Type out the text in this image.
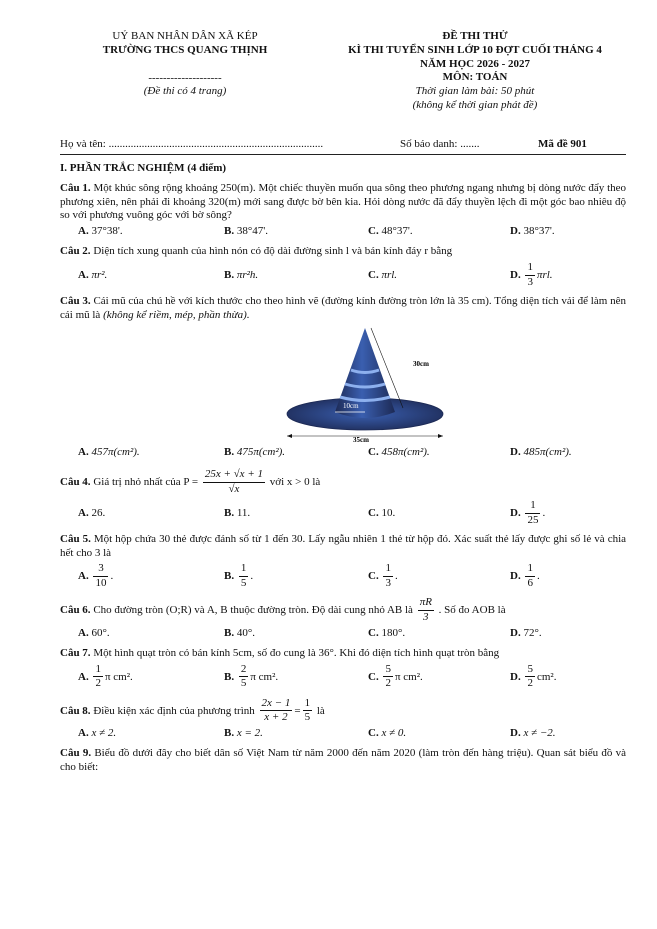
UỶ BAN NHÂN DÂN XÃ KÉP
TRƯỜNG THCS QUANG THỊNH
--------------------
(Đề thi có 4 trang)
ĐỀ THI THỬ
KÌ THI TUYỂN SINH LỚP 10 ĐỢT CUỐI THÁNG 4
NĂM HỌC 2026 - 2027
MÔN: TOÁN
Thời gian làm bài: 50 phút
(không kể thời gian phát đề)
Họ và tên: ..............................................................................	Số báo danh: .......	Mã đề 901
I. PHẦN TRẮC NGHIỆM (4 điểm)
Câu 1. Một khúc sông rộng khoảng 250(m). Một chiếc thuyền muốn qua sông theo phương ngang nhưng bị dòng nước đẩy theo phương xiên, nên phải đi khoảng 320(m) mới sang được bờ bên kia. Hỏi dòng nước đã đẩy thuyền lệch đi một góc bao nhiêu độ so với phương vuông góc với bờ sông?
A. 37°38'.	B. 38°47'.	C. 48°37'.	D. 38°37'.
Câu 2. Diện tích xung quanh của hình nón có độ dài đường sinh l và bán kính đáy r bằng
A. πr².	B. πr²h.	C. πrl.	D. $\frac{1}{3} \pi rl$.
Câu 3. Cái mũ của chú hề với kích thước cho theo hình vẽ (đường kính đường tròn lớn là 35 cm). Tổng diện tích vải để làm nên cái mũ là (không kể riềm, mép, phần thừa).
30cm
10cm
35cm
A. 457π(cm²).	B. 475π(cm²).	C. 458π(cm²).	D. 485π(cm²).
Câu 4. Giá trị nhỏ nhất của $P = \frac{25x + √x + 1}{√x}$ với x > 0 là
A. 26.	B. 11.	C. 10.	D. $\frac{1}{25}$ .
Câu 5. Một hộp chứa 30 thẻ được đánh số từ 1 đến 30. Lấy ngẫu nhiên 1 thẻ từ hộp đó. Xác suất thẻ lấy được ghi số lẻ và chia hết cho 3 là
A. $\frac{3}{10}$ .	B. $\frac{1}{5}$ .	C. $\frac{1}{3}$ .	D. $\frac{1}{6}$ .
Câu 6. Cho đường tròn (O;R) và A, B thuộc đường tròn. Độ dài cung nhỏ AB là $\frac{\pi R}{3}$ . Số đo AOB là
A. 60°.	B. 40°.	C. 180°.	D. 72°.
Câu 7. Một hình quạt tròn có bán kính 5cm, số đo cung là 36°. Khi đó diện tích hình quạt tròn bằng
A. $\frac{1}{2}$ π cm².	B. $\frac{2}{5}$ π cm².	C. $\frac{5}{2}$ π cm².	D. $\frac{5}{2} cm^2$.
Câu 8. Điều kiện xác định của phương trình $\frac{2x - 1}{x + 2} = \frac{1}{5}$ là
A. x ≠ 2.	B. x = 2.	C. x ≠ 0.	D. x ≠ −2.
Câu 9. Biểu đồ dưới đây cho biết dân số Việt Nam từ năm 2000 đến năm 2020 (làm tròn đến hàng triệu). Quan sát biểu đồ và cho biết:
